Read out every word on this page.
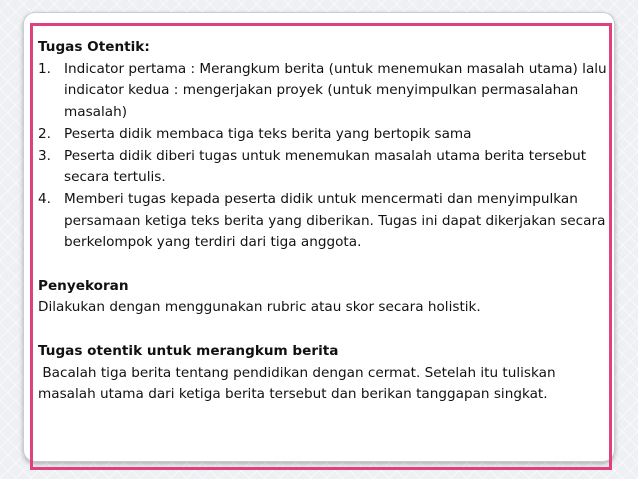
Tugas Otentik:

1. Indicator pertama : Merangkum berita (untuk menemukan masalah utama) lalu indicator kedua : mengerjakan proyek (untuk menyimpulkan permasalahan masalah)
2. Peserta didik membaca tiga teks berita yang bertopik sama
3. Peserta didik diberi tugas untuk menemukan masalah utama berita tersebut secara tertulis.
4. Memberi tugas kepada peserta didik untuk mencermati dan menyimpulkan persamaan ketiga teks berita yang diberikan. Tugas ini dapat dikerjakan secara berkelompok yang terdiri dari tiga anggota.

Penyekoran

Dilakukan dengan menggunakan rubric atau skor secara holistik.

Tugas otentik untuk merangkum berita

Bacalah tiga berita tentang pendidikan dengan cermat. Setelah itu tuliskan masalah utama dari ketiga berita tersebut dan berikan tanggapan singkat.
